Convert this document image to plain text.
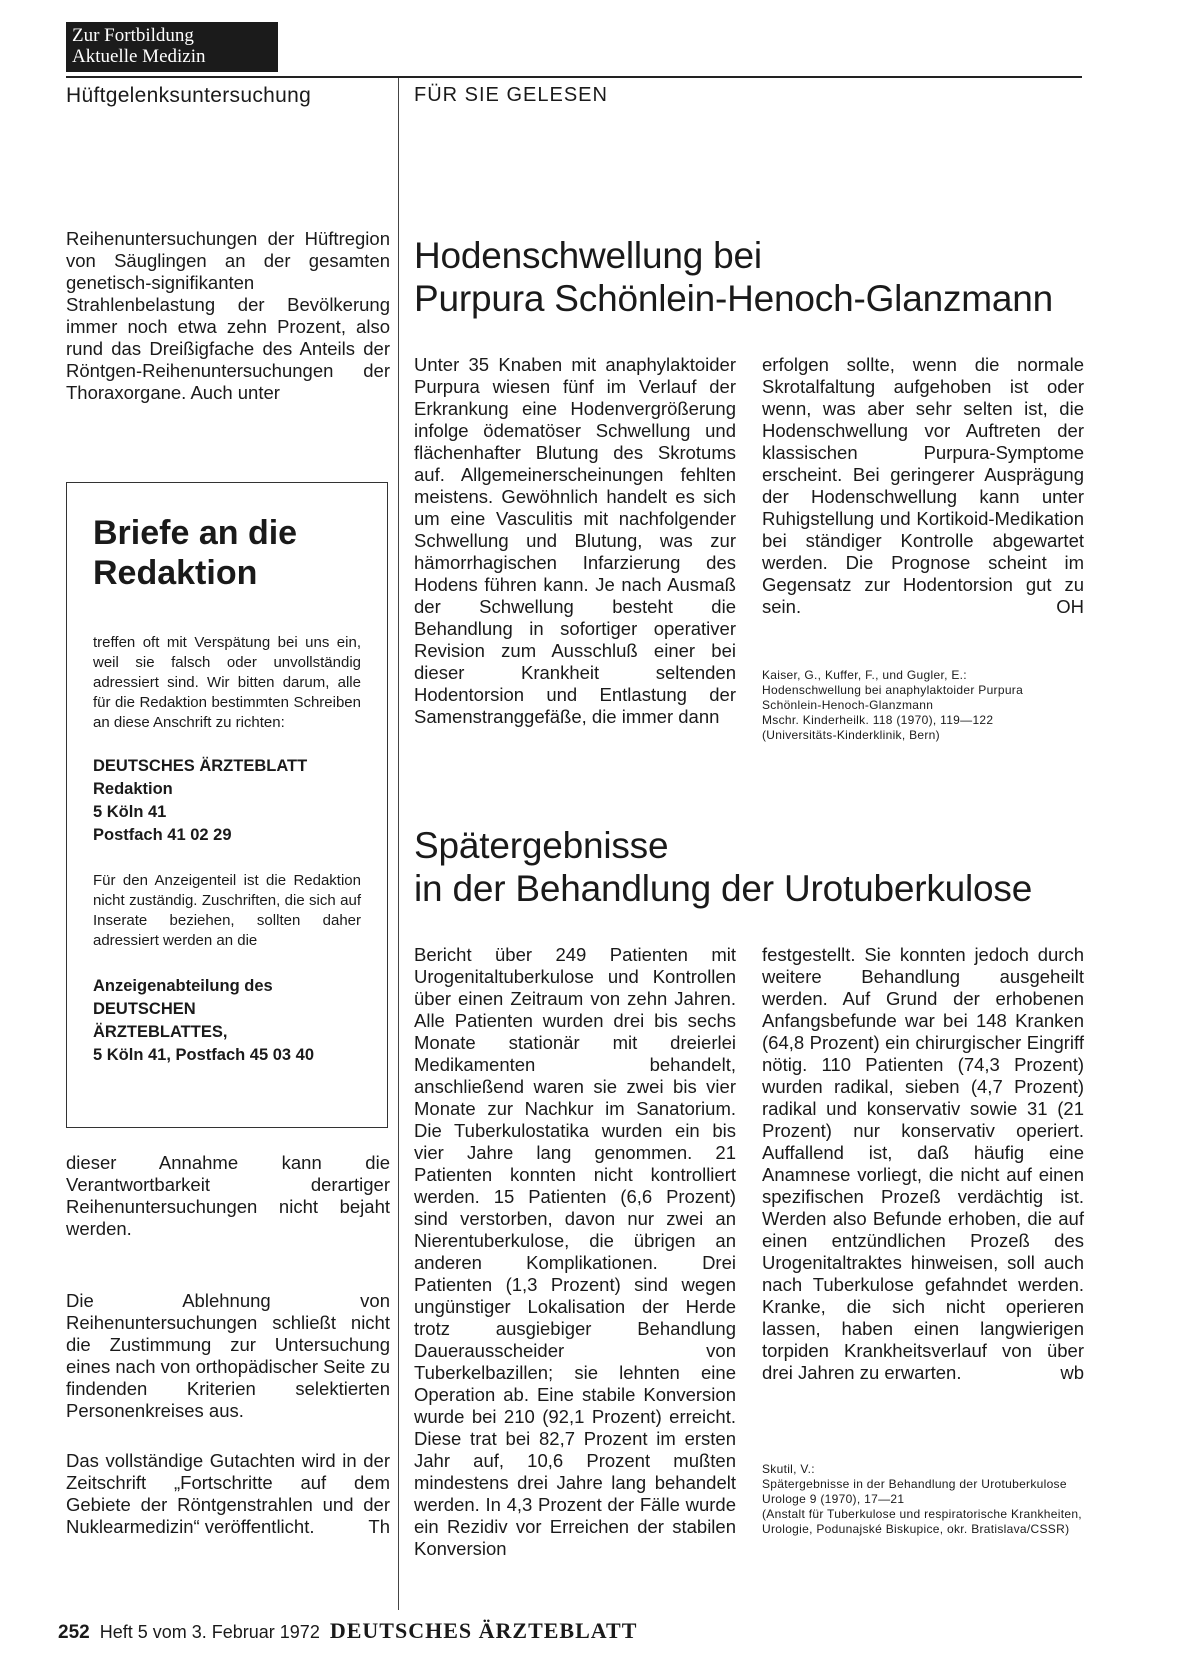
Zur Fortbildung
Aktuelle Medizin
Hüftgelenksuntersuchung	FÜR SIE GELESEN

Reihenuntersuchungen der Hüftregion von Säuglingen an der gesamten genetisch-signifikanten Strahlenbelastung der Bevölkerung immer noch etwa zehn Prozent, also rund das Dreißigfache des Anteils der Röntgen-Reihenuntersuchungen der Thoraxorgane. Auch unter

Briefe an die
Redaktion

treffen oft mit Verspätung bei uns ein, weil sie falsch oder unvollständig adressiert sind. Wir bitten darum, alle für die Redaktion bestimmten Schreiben an diese Anschrift zu richten:

DEUTSCHES ÄRZTEBLATT
Redaktion
5 Köln 41
Postfach 41 02 29

Für den Anzeigenteil ist die Redaktion nicht zuständig. Zuschriften, die sich auf Inserate beziehen, sollten daher adressiert werden an die

Anzeigenabteilung des
DEUTSCHEN
ÄRZTEBLATTES,
5 Köln 41, Postfach 45 03 40

dieser Annahme kann die Verantwortbarkeit derartiger Reihenuntersuchungen nicht bejaht werden.

Die Ablehnung von Reihenuntersuchungen schließt nicht die Zustimmung zur Untersuchung eines nach von orthopädischer Seite zu findenden Kriterien selektierten Personenkreises aus.

Das vollständige Gutachten wird in der Zeitschrift „Fortschritte auf dem Gebiete der Röntgenstrahlen und der Nuklearmedizin“ veröffentlicht.	Th
Hodenschwellung bei
Purpura Schönlein-Henoch-Glanzmann

Unter 35 Knaben mit anaphylaktoider Purpura wiesen fünf im Verlauf der Erkrankung eine Hodenvergrößerung infolge ödematöser Schwellung und flächenhafter Blutung des Skrotums auf. Allgemeinerscheinungen fehlten meistens. Gewöhnlich handelt es sich um eine Vasculitis mit nachfolgender Schwellung und Blutung, was zur hämorrhagischen Infarzierung des Hodens führen kann. Je nach Ausmaß der Schwellung besteht die Behandlung in sofortiger operativer Revision zum Ausschluß einer bei dieser Krankheit seltenden Hodentorsion und Entlastung der Samenstranggefäße, die immer dann

erfolgen sollte, wenn die normale Skrotalfaltung aufgehoben ist oder wenn, was aber sehr selten ist, die Hodenschwellung vor Auftreten der klassischen Purpura-Symptome erscheint. Bei geringerer Ausprägung der Hodenschwellung kann unter Ruhigstellung und Kortikoid-Medikation bei ständiger Kontrolle abgewartet werden. Die Prognose scheint im Gegensatz zur Hodentorsion gut zu sein.	OH
Kaiser, G., Kuffer, F., und Gugler, E.:
Hodenschwellung bei anaphylaktoider Purpura Schönlein-Henoch-Glanzmann
Mschr. Kinderheilk. 118 (1970), 119—122
(Universitäts-Kinderklinik, Bern)
Spätergebnisse
in der Behandlung der Urotuberkulose

Bericht über 249 Patienten mit Urogenitaltuberkulose und Kontrollen über einen Zeitraum von zehn Jahren. Alle Patienten wurden drei bis sechs Monate stationär mit dreierlei Medikamenten behandelt, anschließend waren sie zwei bis vier Monate zur Nachkur im Sanatorium. Die Tuberkulostatika wurden ein bis vier Jahre lang genommen. 21 Patienten konnten nicht kontrolliert werden. 15 Patienten (6,6 Prozent) sind verstorben, davon nur zwei an Nierentuberkulose, die übrigen an anderen Komplikationen. Drei Patienten (1,3 Prozent) sind wegen ungünstiger Lokalisation der Herde trotz ausgiebiger Behandlung Dauerausscheider von Tuberkelbazillen; sie lehnten eine Operation ab. Eine stabile Konversion wurde bei 210 (92,1 Prozent) erreicht. Diese trat bei 82,7 Prozent im ersten Jahr auf, 10,6 Prozent mußten mindestens drei Jahre lang behandelt werden. In 4,3 Prozent der Fälle wurde ein Rezidiv vor Erreichen der stabilen Konversion

festgestellt. Sie konnten jedoch durch weitere Behandlung ausgeheilt werden. Auf Grund der erhobenen Anfangsbefunde war bei 148 Kranken (64,8 Prozent) ein chirurgischer Eingriff nötig. 110 Patienten (74,3 Prozent) wurden radikal, sieben (4,7 Prozent) radikal und konservativ sowie 31 (21 Prozent) nur konservativ operiert. Auffallend ist, daß häufig eine Anamnese vorliegt, die nicht auf einen spezifischen Prozeß verdächtig ist. Werden also Befunde erhoben, die auf einen entzündlichen Prozeß des Urogenitaltraktes hinweisen, soll auch nach Tuberkulose gefahndet werden. Kranke, die sich nicht operieren lassen, haben einen langwierigen torpiden Krankheitsverlauf von über drei Jahren zu erwarten.	wb
Skutil, V.:
Spätergebnisse in der Behandlung der Urotuberkulose
Urologe 9 (1970), 17—21
(Anstalt für Tuberkulose und respiratorische Krankheiten, Urologie, Podunajské Biskupice, okr. Bratislava/CSSR)
252 Heft 5 vom 3. Februar 1972 DEUTSCHES ÄRZTEBLATT
